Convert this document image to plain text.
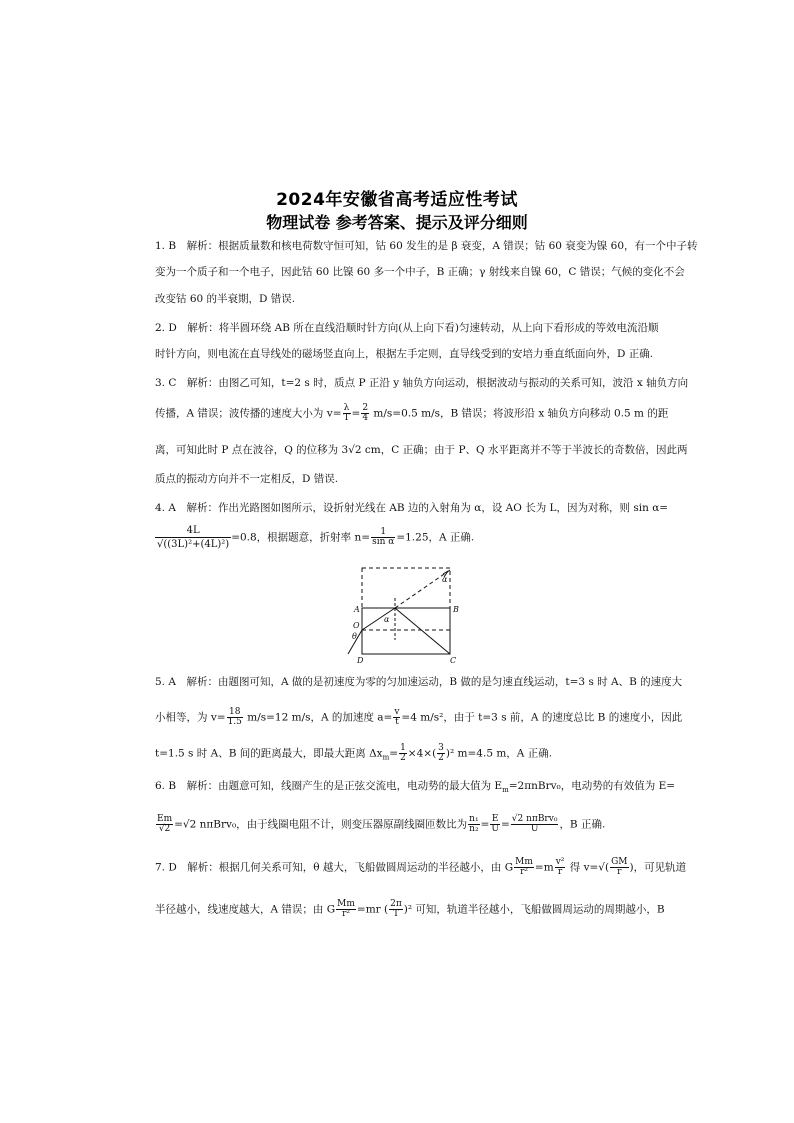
2024年安徽省高考适应性考试
物理试卷 参考答案、提示及评分细则
1. B　解析：根据质量数和核电荷数守恒可知，钴 60 发生的是 β 衰变，A 错误；钴 60 衰变为镍 60，有一个中子转
变为一个质子和一个电子，因此钴 60 比镍 60 多一个中子，B 正确；γ 射线来自镍 60，C 错误；气候的变化不会
改变钴 60 的半衰期，D 错误.
2. D　解析：将半圆环绕 AB 所在直线沿顺时针方向(从上向下看)匀速转动，从上向下看形成的等效电流沿顺
时针方向，则电流在直导线处的磁场竖直向上，根据左手定则，直导线受到的安培力垂直纸面向外，D 正确.
3. C　解析：由图乙可知，t=2 s 时，质点 P 正沿 y 轴负方向运动，根据波动与振动的关系可知，波沿 x 轴负方向
传播，A 错误；波传播的速度大小为 $v= \frac{\lambda}{T} = \frac{2}{4} m/s=0.5$ m/s，B 错误；将波形沿 x 轴负方向移动 0.5 m 的距
离，可知此时 P 点在波谷，Q 的位移为 3√2 cm，C 正确；由于 P、Q 水平距离并不等于半波长的奇数倍，因此两
质点的振动方向并不一定相反，D 错误.
4. A　解析：作出光路图如图所示，设折射光线在 AB 边的入射角为 α，设 AO 长为 L，因为对称，则 sin α=
$\frac{4L}{\text{√((3L)²+(4L)²)}} =0.8$，根据题意，折射率 $n= \frac{1}{\text{sin α}} =1.25$，A 正确.
A	B
C
D
O
θ
α
α
5. A　解析：由题图可知，A 做的是初速度为零的匀加速运动，B 做的是匀速直线运动，t=3 s 时 A、B 的速度大
小相等，为 $v= \frac{18}{1.5} m/s=12$ m/s，A 的加速度 $a= \frac{v}{t} =4$ m/s²，由于 t=3 s 前，A 的速度总比 B 的速度小，因此
t=1.5 s 时 A、B 间的距离最大，即最大距离 $\Delta x_m= \frac{1}{2} \times 4\times( \frac{3}{2} )^2$ m=4.5 m，A 正确.
6. B　解析：由题意可知，线圈产生的是正弦交流电，电动势的最大值为 $E_m=2\pi nBrv_0$，电动势的有效值为 E=
$\frac{Em}{√2} =√2$ nπBrv₀，由于线圈电阻不计，则变压器原副线圈匝数比为 $\frac{\text{n₁}}{\text{n₂}} = \frac{E}{U} = \frac{\text{√2 nπBrv₀}}{U}$ ，B 正确.
7. D　解析：根据几何关系可知，θ 越大，飞船做圆周运动的半径越小，由 G $\frac{Mm}{\text{r²}} =m \frac{\text{v²}}{r}$ 得 $v=√( \frac{GM}{r}$ )，可见轨道
半径越小，线速度越大，A 错误；由 G $\frac{Mm}{\text{r²}} =mr$ ( $\frac{2\pi}{T} )^2$ 可知，轨道半径越小，飞船做圆周运动的周期越小，B
